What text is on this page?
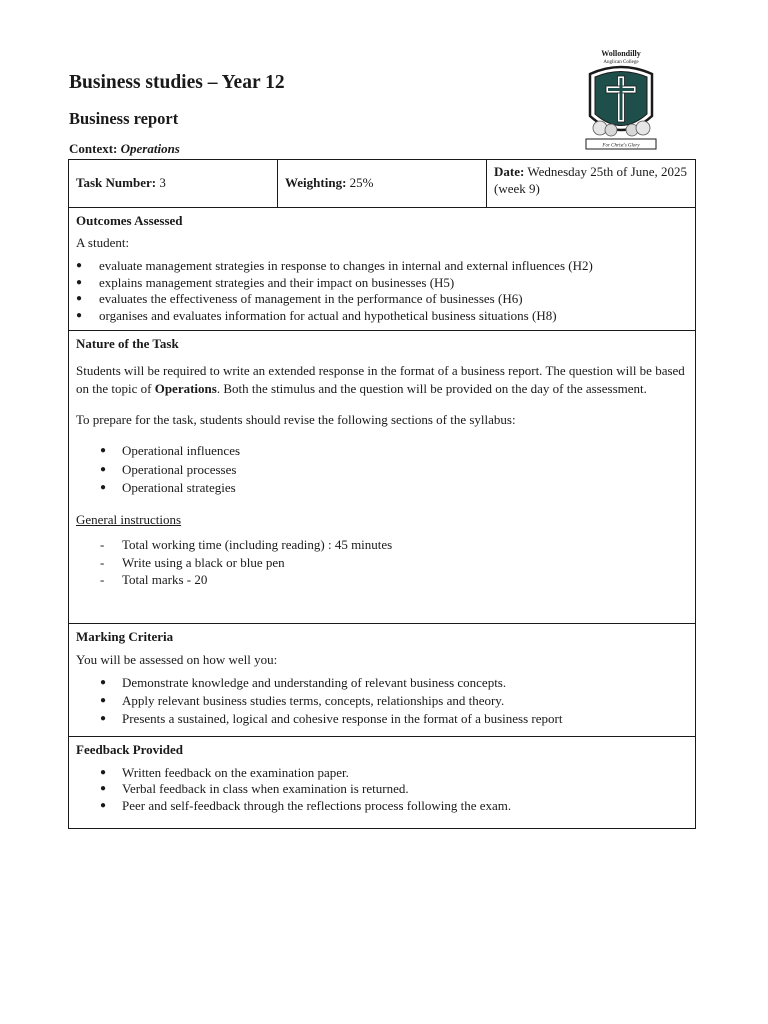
Business studies – Year 12
Business report
Context: Operations
Wollondilly
Anglican College
For Christ's Glory
Task Number: 3	Weighting: 25%	Date: Wednesday 25th of June, 2025 (week 9)

Outcomes Assessed
A student:
● evaluate management strategies in response to changes in internal and external influences (H2)
● explains management strategies and their impact on businesses (H5)
● evaluates the effectiveness of management in the performance of businesses (H6)
● organises and evaluates information for actual and hypothetical business situations (H8)

Nature of the Task

Students will be required to write an extended response in the format of a business report. The question will be based on the topic of Operations. Both the stimulus and the question will be provided on the day of the assessment.

To prepare for the task, students should revise the following sections of the syllabus:

● Operational influences
● Operational processes
● Operational strategies
General instructions
- Total working time (including reading) : 45 minutes
- Write using a black or blue pen
- Total marks - 20

Marking Criteria
You will be assessed on how well you:
● Demonstrate knowledge and understanding of relevant business concepts.
● Apply relevant business studies terms, concepts, relationships and theory.
● Presents a sustained, logical and cohesive response in the format of a business report

Feedback Provided
● Written feedback on the examination paper.
● Verbal feedback in class when examination is returned.
● Peer and self-feedback through the reflections process following the exam.
